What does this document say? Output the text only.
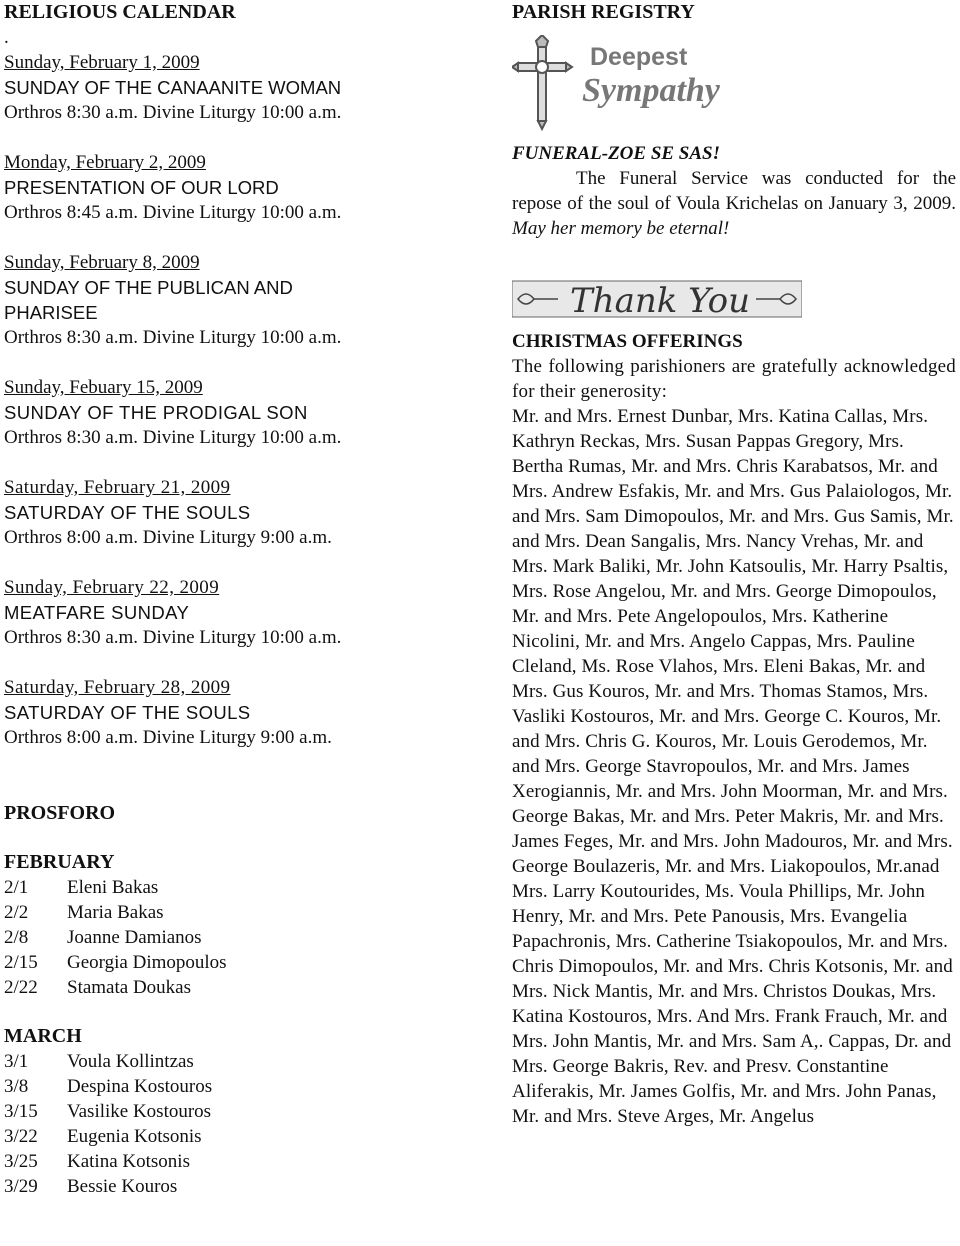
RELIGIOUS CALENDAR
.
Sunday, February 1, 2009
SUNDAY OF THE CANAANITE WOMAN
Orthros 8:30 a.m. Divine Liturgy 10:00 a.m.
Monday, February 2, 2009
PRESENTATION OF OUR LORD
Orthros 8:45 a.m. Divine Liturgy 10:00 a.m.
Sunday, February 8, 2009
SUNDAY OF THE PUBLICAN AND PHARISEE
Orthros 8:30 a.m. Divine Liturgy 10:00 a.m.
Sunday, Febuary 15, 2009
SUNDAY OF THE PRODIGAL SON
Orthros 8:30 a.m. Divine Liturgy 10:00 a.m.
Saturday, February 21, 2009
SATURDAY OF THE SOULS
Orthros 8:00 a.m. Divine Liturgy 9:00 a.m.
Sunday, February 22, 2009
MEATFARE SUNDAY
Orthros 8:30 a.m. Divine Liturgy 10:00 a.m.
Saturday, February 28, 2009
SATURDAY OF THE SOULS
Orthros 8:00 a.m. Divine Liturgy 9:00 a.m.
PROSFORO
FEBRUARY
2/1	Eleni Bakas
2/2	Maria Bakas
2/8	Joanne Damianos
2/15	Georgia Dimopoulos
2/22	Stamata Doukas
MARCH
3/1	Voula Kollintzas
3/8	Despina Kostouros
3/15	Vasilike Kostouros
3/22	Eugenia Kotsonis
3/25	Katina Kotsonis
3/29	Bessie Kouros
PARISH REGISTRY
Deepest
Sympathy
FUNERAL-ZOE SE SAS!

The Funeral Service was conducted for the repose of the soul of Voula Krichelas on January 3, 2009. May her memory be eternal!

Thank You
CHRISTMAS OFFERINGS

The following parishioners are gratefully acknowledged for their generosity:

Mr. and Mrs. Ernest Dunbar, Mrs. Katina Callas, Mrs. Kathryn Reckas, Mrs. Susan Pappas Gregory, Mrs. Bertha Rumas, Mr. and Mrs. Chris Karabatsos, Mr. and Mrs. Andrew Esfakis, Mr. and Mrs. Gus Palaiologos, Mr. and Mrs. Sam Dimopoulos, Mr. and Mrs. Gus Samis, Mr. and Mrs. Dean Sangalis, Mrs. Nancy Vrehas, Mr. and Mrs. Mark Baliki, Mr. John Katsoulis, Mr. Harry Psaltis, Mrs. Rose Angelou, Mr. and Mrs. George Dimopoulos, Mr. and Mrs. Pete Angelopoulos, Mrs. Katherine Nicolini, Mr. and Mrs. Angelo Cappas, Mrs. Pauline Cleland, Ms. Rose Vlahos, Mrs. Eleni Bakas, Mr. and Mrs. Gus Kouros, Mr. and Mrs. Thomas Stamos, Mrs. Vasliki Kostouros, Mr. and Mrs. George C. Kouros, Mr. and Mrs. Chris G. Kouros, Mr. Louis Gerodemos, Mr. and Mrs. George Stavropoulos, Mr. and Mrs. James Xerogiannis, Mr. and Mrs. John Moorman, Mr. and Mrs. George Bakas, Mr. and Mrs. Peter Makris, Mr. and Mrs. James Feges, Mr. and Mrs. John Madouros, Mr. and Mrs. George Boulazeris, Mr. and Mrs. Liakopoulos, Mr.anad Mrs. Larry Koutourides, Ms. Voula Phillips, Mr. John Henry, Mr. and Mrs. Pete Panousis, Mrs. Evangelia Papachronis, Mrs. Catherine Tsiakopoulos, Mr. and Mrs. Chris Dimopoulos, Mr. and Mrs. Chris Kotsonis, Mr. and Mrs. Nick Mantis, Mr. and Mrs. Christos Doukas, Mrs. Katina Kostouros, Mrs. And Mrs. Frank Frauch, Mr. and Mrs. John Mantis, Mr. and Mrs. Sam A,. Cappas, Dr. and Mrs. George Bakris, Rev. and Presv. Constantine Aliferakis, Mr. James Golfis, Mr. and Mrs. John Panas, Mr. and Mrs. Steve Arges, Mr. Angelus
